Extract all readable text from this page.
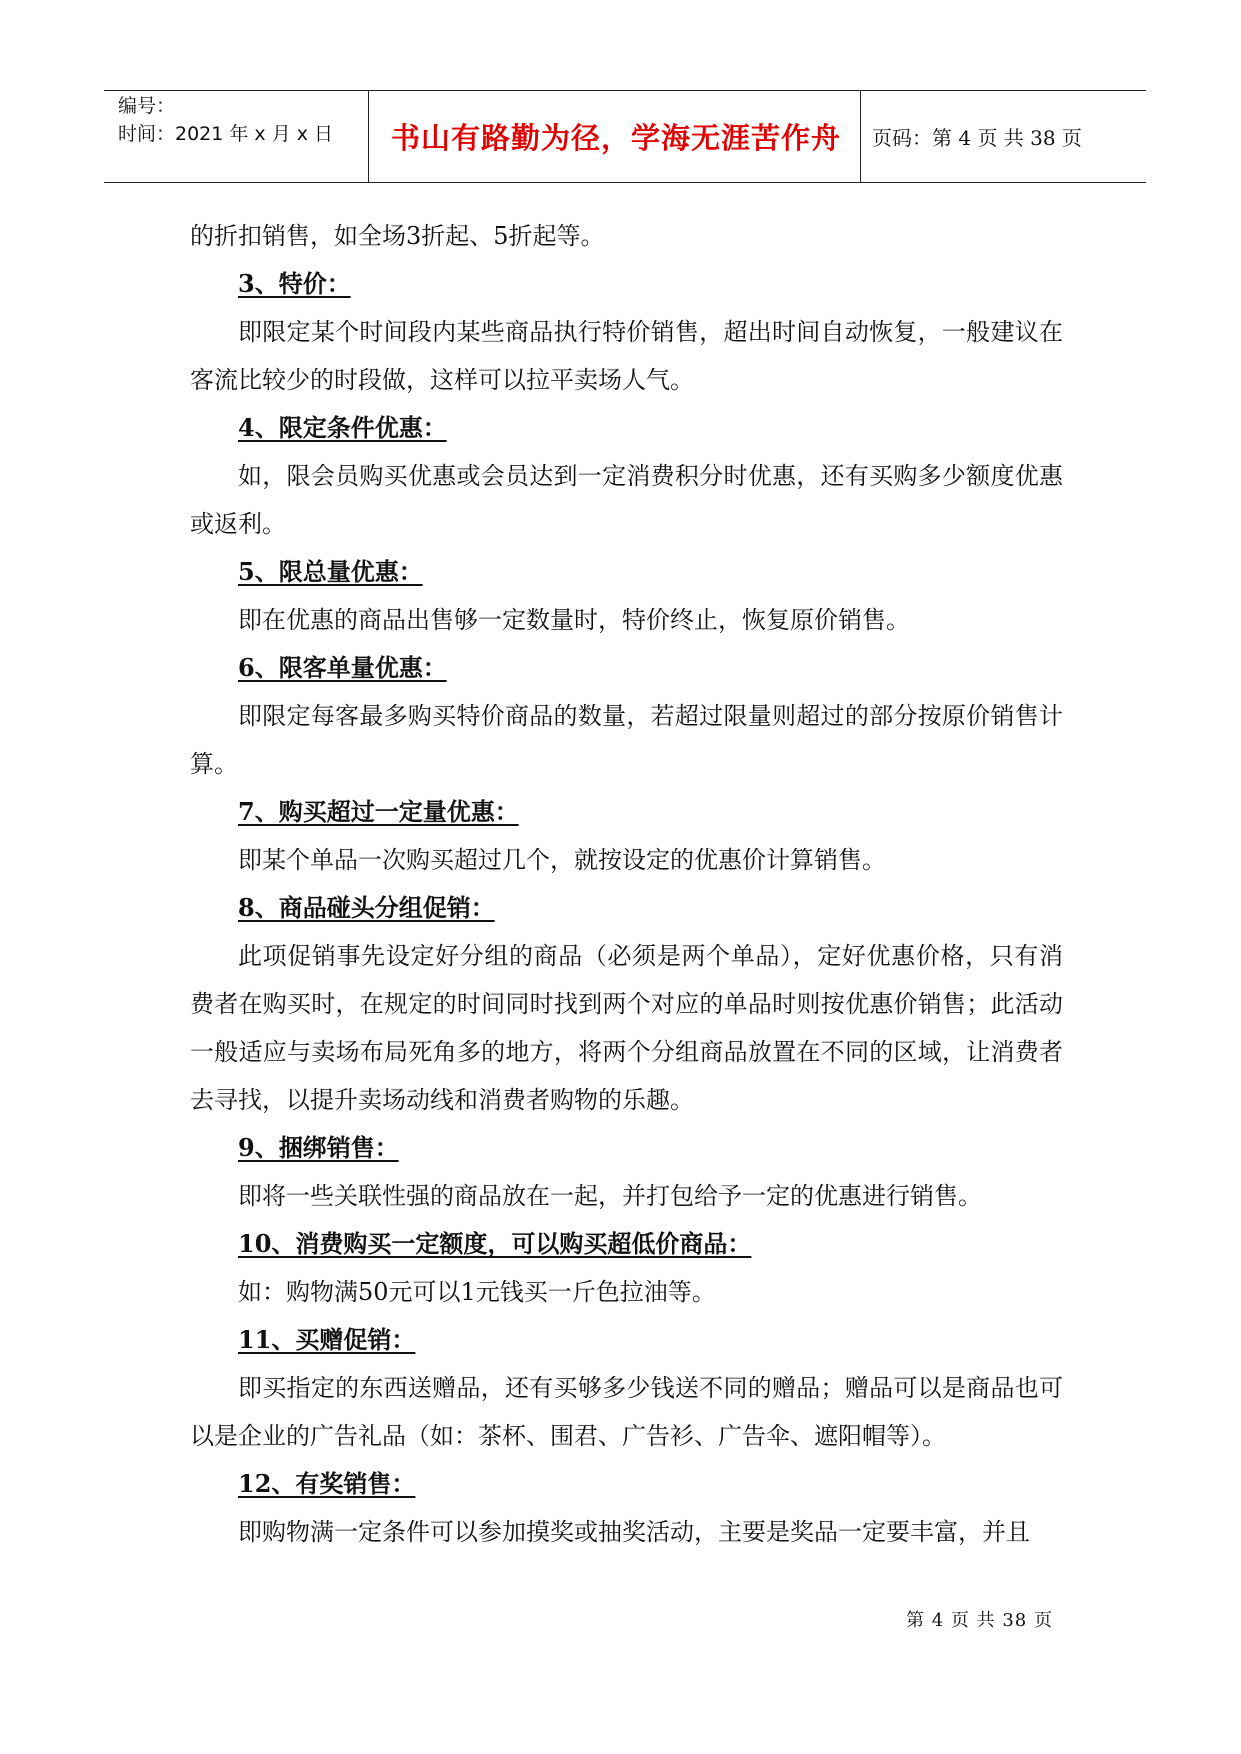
编号：
时间：2021 年 x 月 x 日	书山有路勤为径，学海无涯苦作舟	页码：第 4 页 共 38 页

的折扣销售，如全场3折起、5折起等。

3、特价：

即限定某个时间段内某些商品执行特价销售，超出时间自动恢复，一般建议在客流比较少的时段做，这样可以拉平卖场人气。

4、限定条件优惠：

如，限会员购买优惠或会员达到一定消费积分时优惠，还有买购多少额度优惠或返利。

5、限总量优惠：

即在优惠的商品出售够一定数量时，特价终止，恢复原价销售。

6、限客单量优惠：

即限定每客最多购买特价商品的数量，若超过限量则超过的部分按原价销售计算。

7、购买超过一定量优惠：

即某个单品一次购买超过几个，就按设定的优惠价计算销售。

8、商品碰头分组促销：

此项促销事先设定好分组的商品（必须是两个单品），定好优惠价格，只有消费者在购买时，在规定的时间同时找到两个对应的单品时则按优惠价销售；此活动一般适应与卖场布局死角多的地方，将两个分组商品放置在不同的区域，让消费者去寻找，以提升卖场动线和消费者购物的乐趣。

9、捆绑销售：

即将一些关联性强的商品放在一起，并打包给予一定的优惠进行销售。

10、消费购买一定额度，可以购买超低价商品：

如：购物满50元可以1元钱买一斤色拉油等。

11、买赠促销：

即买指定的东西送赠品，还有买够多少钱送不同的赠品；赠品可以是商品也可以是企业的广告礼品（如：茶杯、围君、广告衫、广告伞、遮阳帽等）。

12、有奖销售：

即购物满一定条件可以参加摸奖或抽奖活动，主要是奖品一定要丰富，并且

第 4 页 共 38 页
